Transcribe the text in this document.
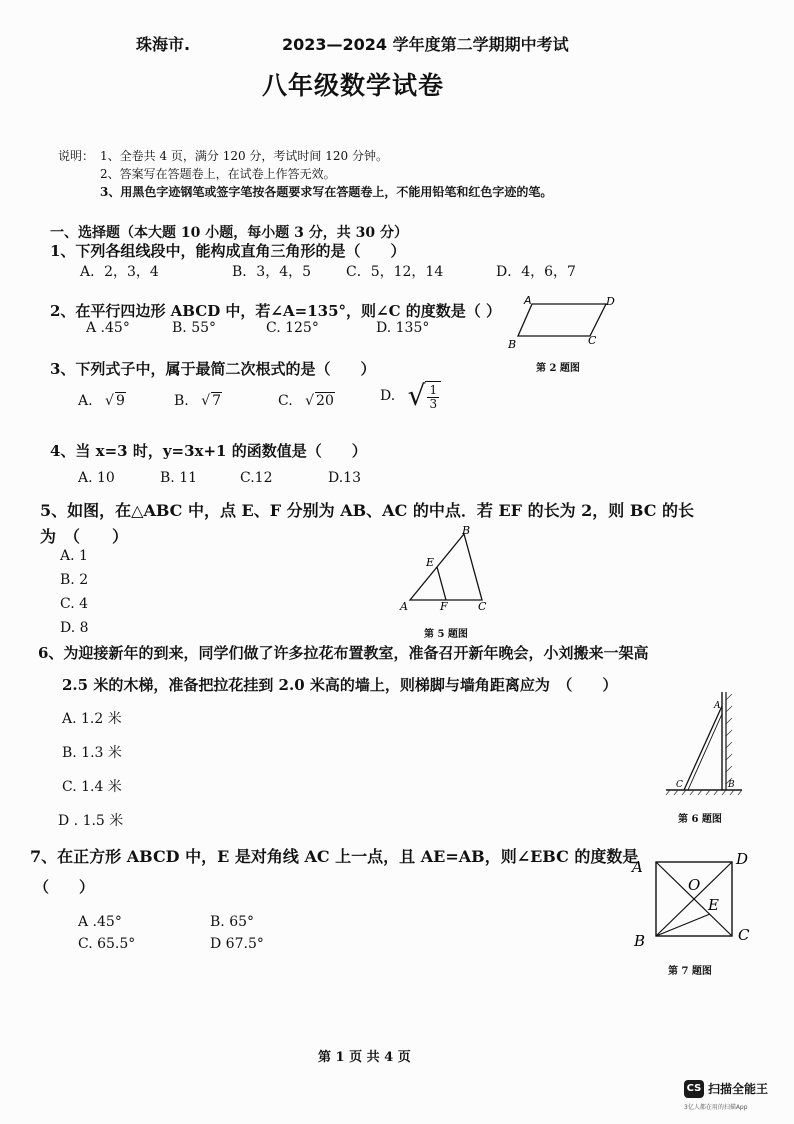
珠海市.	2023—2024 学年度第二学期期中考试
八年级数学试卷
说明： 1、全卷共 4 页，满分 120 分，考试时间 120 分钟。
2、答案写在答题卷上，在试卷上作答无效。
3、用黑色字迹钢笔或签字笔按各题要求写在答题卷上，不能用铅笔和红色字迹的笔。
一、选择题（本大题 10 小题，每小题 3 分，共 30 分）
1、下列各组线段中，能构成直角三角形的是（　　）
A．2，3，4	B．3，4，5 C．5，12，14	D．4，6，7
2、在平行四边形 ABCD 中，若∠A=135°，则∠C 的度数是（ ）
A .45°	B. 55°	C. 125°	D. 135°
A	D
B	C
第 2 题图
3、下列式子中，属于最简二次根式的是（　　）
A. √ 9	B. √ 7	C. √ 20	D. √ $\frac{1}{3}$
4、当 x=3 时，y=3x+1 的函数值是（　　）
A. 10	B. 11	C.12	D.13
5、如图，在△ABC 中，点 E、F 分别为 AB、AC 的中点．若 EF 的长为 2，则 BC 的长
为　（　　）
A. 1
B. 2
C. 4
D. 8
B
E
A	F	C
第 5 题图
6、为迎接新年的到来，同学们做了许多拉花布置教室，准备召开新年晚会，小刘搬来一架高
2.5 米的木梯，准备把拉花挂到 2.0 米高的墙上，则梯脚与墙角距离应为　（　　）
A. 1.2 米
B. 1.3 米
C. 1.4 米
D . 1.5 米
A
C	B
第 6 题图
7、在正方形 ABCD 中，E 是对角线 AC 上一点，且 AE=AB，则∠EBC 的度数是
（　　）
A .45°	B. 65°
C. 65.5°	D 67.5°
A	D
B	C
O
E
第 7 题图
第 1 页 共 4 页
CS 扫描全能王
3亿人都在用的扫描App
